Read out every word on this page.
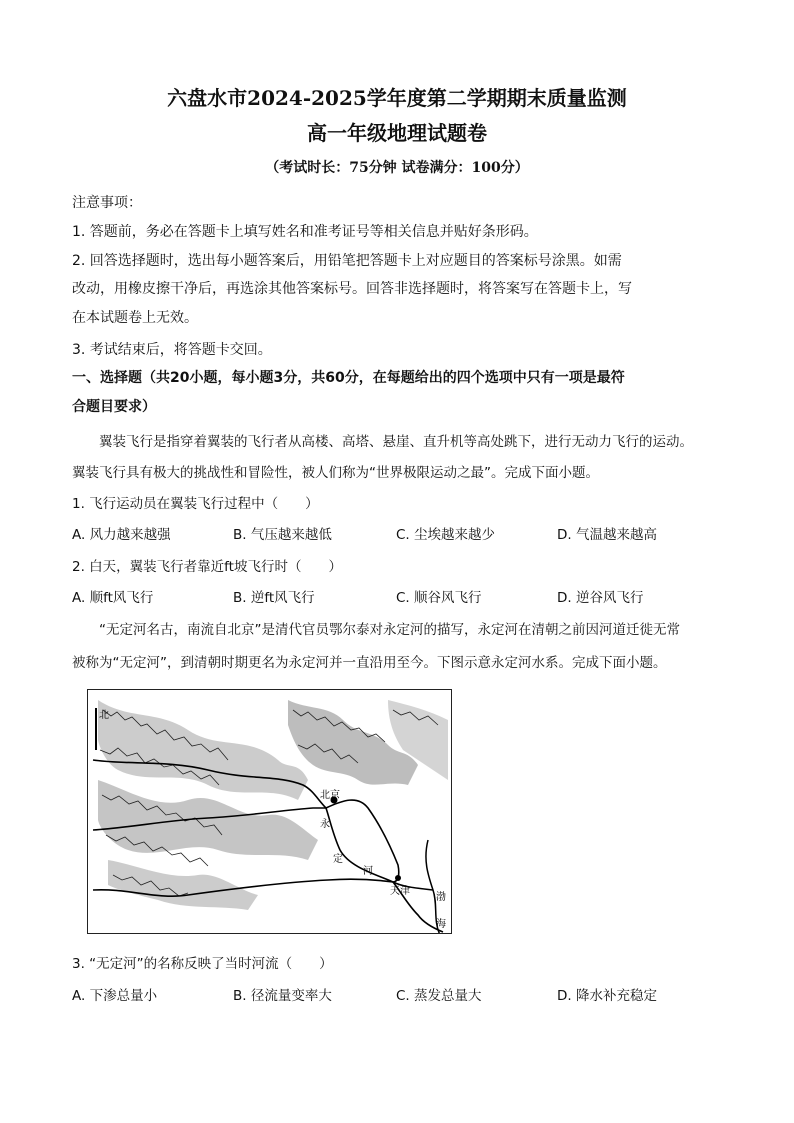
六盘水市2024-2025学年度第二学期期末质量监测
高一年级地理试题卷
（考试时长：75分钟 试卷满分：100分）
注意事项：
1. 答题前，务必在答题卡上填写姓名和准考证号等相关信息并贴好条形码。
2. 回答选择题时，选出每小题答案后，用铅笔把答题卡上对应题目的答案标号涂黑。如需
改动，用橡皮擦干净后，再选涂其他答案标号。回答非选择题时，将答案写在答题卡上，写
在本试题卷上无效。
3. 考试结束后，将答题卡交回。
一、选择题（共20小题，每小题3分，共60分，在每题给出的四个选项中只有一项是最符
合题目要求）
　　翼装飞行是指穿着翼装的飞行者从高楼、高塔、悬崖、直升机等高处跳下，进行无动力飞行的运动。
翼装飞行具有极大的挑战性和冒险性，被人们称为“世界极限运动之最”。完成下面小题。
1. 飞行运动员在翼装飞行过程中（　　）
A. 风力越来越强	B. 气压越来越低	C. 尘埃越来越少	D. 气温越来越高
2. 白天，翼装飞行者靠近ft坡飞行时（　　）
A. 顺ft风飞行	B. 逆ft风飞行	C. 顺谷风飞行	D. 逆谷风飞行
　　“无定河名古，南流自北京”是清代官员鄂尔泰对永定河的描写，永定河在清朝之前因河道迁徙无常
被称为“无定河”，到清朝时期更名为永定河并一直沿用至今。下图示意永定河水系。完成下面小题。
北
北京
天津
永
定
河
渤
海
3. “无定河”的名称反映了当时河流（　　）
A. 下渗总量小	B. 径流量变率大	C. 蒸发总量大	D. 降水补充稳定
